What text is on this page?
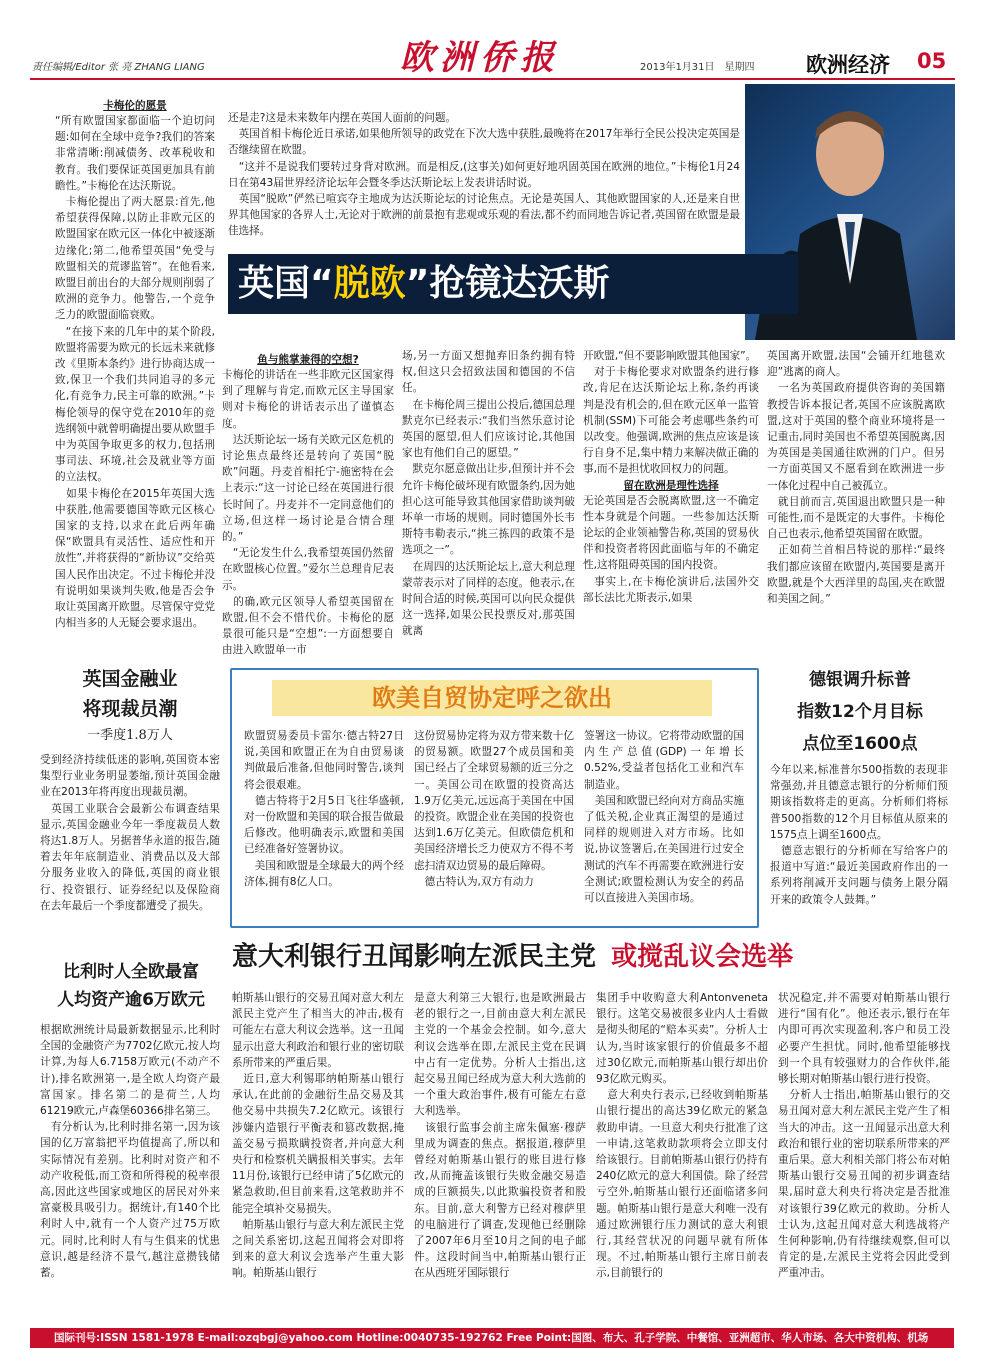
责任编辑/Editor 张 亮 ZHANG LIANG	欧洲侨报	2013年1月31日　星期四 欧洲经济 05

卡梅伦的愿景

“所有欧盟国家都面临一个迫切问题:如何在全球中竞争?我们的答案非常清晰:削减债务、改革税收和教育。我们要保证英国更加具有前瞻性。”卡梅伦在达沃斯说。
　卡梅伦提出了两大愿景:首先,他希望获得保障,以防止非欧元区的欧盟国家在欧元区一体化中被逐渐边缘化;第二,他希望英国“免受与欧盟相关的荒谬监管”。在他看来,欧盟目前出台的大部分规则削弱了欧洲的竞争力。他警告,一个竞争乏力的欧盟面临衰败。
　“在接下来的几年中的某个阶段,欧盟将需要为欧元的长远未来就修改《里斯本条约》进行协商达成一致,保卫一个我们共同追寻的多元化,有竞争力,民主可靠的欧洲。”卡梅伦领导的保守党在2010年的竞选纲领中就曾明确提出要从欧盟手中为英国争取更多的权力,包括刑事司法、环境,社会及就业等方面的立法权。
　如果卡梅伦在2015年英国大选中获胜,他需要德国等欧元区核心国家的支持,以求在此后两年确保“欧盟具有灵活性、适应性和开放性”,并将获得的“新协议”交给英国人民作出决定。不过卡梅伦并没有说明如果谈判失败,他是否会争取让英国离开欧盟。尽管保守党党内相当多的人无疑会要求退出。

还是走?这是未来数年内摆在英国人面前的问题。
　英国首相卡梅伦近日承诺,如果他所领导的政党在下次大选中获胜,最晚将在2017年举行全民公投决定英国是否继续留在欧盟。
　“这并不是说我们要转过身背对欧洲。而是相反,(这事关)如何更好地巩固英国在欧洲的地位。”卡梅伦1月24日在第43届世界经济论坛年会暨冬季达沃斯论坛上发表讲话时说。
　英国“脱欧”俨然已喧宾夺主地成为达沃斯论坛的讨论焦点。无论是英国人、其他欧盟国家的人,还是来自世界其他国家的各界人士,无论对于欧洲的前景抱有悲观或乐观的看法,都不约而同地告诉记者,英国留在欧盟是最佳选择。
英国“脱欧”抢镜达沃斯

鱼与熊掌兼得的空想?

卡梅伦的讲话在一些非欧元区国家得到了理解与肯定,而欧元区主导国家则对卡梅伦的讲话表示出了谨慎态度。
　达沃斯论坛一场有关欧元区危机的讨论焦点最终还是转向了英国“脱欧”问题。丹麦首相托宁-施密特在会上表示:“这一讨论已经在英国进行很长时间了。丹麦并不一定同意他们的立场,但这样一场讨论是合情合理的。”
　“无论发生什么,我希望英国仍然留在欧盟核心位置。”爱尔兰总理肯尼表示。
　的确,欧元区领导人希望英国留在欧盟,但不会不惜代价。卡梅伦的愿景很可能只是“空想”:一方面想要自由进入欧盟单一市

场,另一方面又想抛弃旧条约拥有特权,但这只会招致法国和德国的不信任。
　在卡梅伦周三提出公投后,德国总理默克尔已经表示:“我们当然乐意讨论英国的愿望,但人们应该讨论,其他国家也有他们自己的愿望。”
　默克尔愿意做出让步,但预计并不会允许卡梅伦破坏现有欧盟条约,因为她担心这可能导致其他国家借助谈判破坏单一市场的规则。同时德国外长韦斯特韦勒表示,“挑三拣四的政策不是选项之一”。
　在周四的达沃斯论坛上,意大利总理蒙蒂表示对了同样的态度。他表示,在时间合适的时候,英国可以向民众提供这一选择,如果公民投票反对,那英国就离

开欧盟,“但不要影响欧盟其他国家”。
　对于卡梅伦要求对欧盟条约进行修改,肯尼在达沃斯论坛上称,条约再谈判是没有机会的,但在欧元区单一监管机制(SSM)下可能会考虑哪些条约可以改变。他强调,欧洲的焦点应该是该行自身不足,集中精力来解决做正确的事,而不是担忧收回权力的问题。

留在欧洲是理性选择

无论英国是否会脱离欧盟,这一不确定性本身就是个问题。一些参加达沃斯论坛的企业领袖警告称,英国的贸易伙伴和投资者将因此面临与年的不确定性,这将阻碍英国的国内投资。
　事实上,在卡梅伦演讲后,法国外交部长法比尤斯表示,如果

英国离开欧盟,法国“会铺开红地毯欢迎”逃离的商人。
　一名为英国政府提供咨询的美国籍教授告诉本报记者,英国不应该脱离欧盟,这对于英国的整个商业环境将是一记重击,同时美国也不希望英国脱离,因为英国是美国通往欧洲的门户。但另一方面英国又不愿看到在欧洲进一步一体化过程中自己被孤立。
　就目前而言,英国退出欧盟只是一种可能性,而不是既定的大事件。卡梅伦自己也表示,他希望英国留在欧盟。
　正如荷兰首相吕特说的那样:“最终我们都应该留在欧盟内,英国要是离开欧盟,就是个大西洋里的岛国,夹在欧盟和美国之间。”
英国金融业
将现裁员潮
一季度1.8万人
受到经济持续低迷的影响,英国资本密集型行业业务明显萎缩,预计英国金融业在2013年将再度出现裁员潮。
　英国工业联合会最新公布调查结果显示,英国金融业今年一季度裁员人数将达1.8万人。另据普华永道的报告,随着去年年底制造业、消费品以及大部分服务业收入的降低,英国的商业银行、投资银行、证券经纪以及保险商在去年最后一个季度都遭受了损失。
比利时人全欧最富
人均资产逾6万欧元
根据欧洲统计局最新数据显示,比利时全国的金融资产为7702亿欧元,按人均计算,为每人6.7158万欧元(不动产不计),排名欧洲第一,是全欧人均资产最富国家。排名第二的是荷兰,人均61219欧元,卢森堡60366排名第三。
　有分析认为,比利时排名第一,因为该国的亿万富翁把平均值提高了,所以和实际情况有差别。比利时对资产和不动产收税低,而工资和所得税的税率很高,因此这些国家或地区的居民对外来富豪极具吸引力。据统计,有140个比利时人中,就有一个人资产过75万欧元。同时,比利时人有与生俱来的忧患意识,越是经济不景气,越注意攒钱储蓄。
欧美自贸协定呼之欲出
欧盟贸易委员卡雷尔·德古特27日说,美国和欧盟正在为自由贸易谈判做最后准备,但他同时警告,谈判将会很艰难。
　德古特将于2月5日飞往华盛顿,对一份欧盟和美国的联合报告做最后修改。他明确表示,欧盟和美国已经准备好签署协议。
　美国和欧盟是全球最大的两个经济体,拥有8亿人口。
这份贸易协定将为双方带来数十亿的贸易额。欧盟27个成员国和美国已经占了全球贸易额的近三分之一。美国公司在欧盟的投资高达1.9万亿美元,远远高于美国在中国的投资。欧盟企业在美国的投资也达到1.6万亿美元。但欧债危机和美国经济增长乏力使双方不得不考虑扫清双边贸易的最后障碍。
　德古特认为,双方有动力
签署这一协议。它将带动欧盟的国内生产总值(GDP)一年增长0.52%,受益者包括化工业和汽车制造业。
　美国和欧盟已经向对方商品实施了低关税,企业真正渴望的是通过同样的规则进入对方市场。比如说,协议签署后,在美国进行过安全测试的汽车不再需要在欧洲进行安全测试;欧盟检测认为安全的药品可以直接进入美国市场。
德银调升标普
指数12个月目标
点位至1600点
今年以来,标准普尔500指数的表现非常强劲,并且德意志银行的分析师们预期该指数将走的更高。分析师们将标普500指数的12个月目标值从原来的1575点上调至1600点。
　德意志银行的分析师在写给客户的报道中写道:“最近美国政府作出的一系列将削减开支问题与债务上限分隔开来的政策令人鼓舞。”
意大利银行丑闻影响左派民主党 或搅乱议会选举
帕斯基山银行的交易丑闻对意大利左派民主党产生了相当大的冲击,极有可能左右意大利议会选举。这一丑闻显示出意大利政治和银行业的密切联系所带来的严重后果。
　近日,意大利锡耶纳帕斯基山银行承认,在此前的金融衍生品交易及其他交易中共损失7.2亿欧元。该银行涉嫌内造银行平衡表和篡改数据,掩盖交易亏损欺瞒投资者,并向意大利央行和检察机关瞒报相关事实。去年11月份,该银行已经申请了5亿欧元的紧急救助,但目前来看,这笔救助并不能完全填补交易损失。
　帕斯基山银行与意大利左派民主党之间关系密切,这起丑闻将会对即将到来的意大利议会选举产生重大影响。帕斯基山银行
是意大利第三大银行,也是欧洲最古老的银行之一,目前由意大利左派民主党的一个基金会控制。如今,意大利议会选举在即,左派民主党在民调中占有一定优势。分析人士指出,这起交易丑闻已经成为意大利大选前的一个重大政治事件,极有可能左右意大利选举。
　该银行监事会前主席朱佩塞·穆萨里成为调查的焦点。据报道,穆萨里曾经对帕斯基山银行的账目进行修改,从而掩盖该银行失败金融交易造成的巨额损失,以此欺骗投资者和股东。目前,意大利警方已经对穆萨里的电脑进行了调查,发现他已经删除了2007年6月至10月之间的电子邮件。这段时间当中,帕斯基山银行正在从西班牙国际银行
集团手中收购意大利Antonveneta银行。这笔交易被很多业内人士看做是彻头彻尾的“赔本买卖”。分析人士认为,当时该家银行的价值最多不超过30亿欧元,而帕斯基山银行却出价93亿欧元购买。
　意大利央行表示,已经收到帕斯基山银行提出的高达39亿欧元的紧急救助申请。一旦意大利央行批准了这一申请,这笔救助款项将会立即支付给该银行。目前帕斯基山银行仍持有240亿欧元的意大利国债。除了经营亏空外,帕斯基山银行还面临诸多问题。帕斯基山银行是意大利唯一没有通过欧洲银行压力测试的意大利银行,其经营状况的问题早就有所体现。不过,帕斯基山银行主席日前表示,目前银行的
状况稳定,并不需要对帕斯基山银行进行“国有化”。他还表示,银行在年内即可再次实现盈利,客户和员工没必要产生担忧。同时,他希望能够找到一个具有较强财力的合作伙伴,能够长期对帕斯基山银行进行投资。
　分析人士指出,帕斯基山银行的交易丑闻对意大利左派民主党产生了相当大的冲击。这一丑闻显示出意大利政治和银行业的密切联系所带来的严重后果。意大利相关部门将公布对帕斯基山银行交易丑闻的初步调查结果,届时意大利央行将决定是否批准对该银行39亿欧元的救助。分析人士认为,这起丑闻对意大利选战将产生何种影响,仍有待继续观察,但可以肯定的是,左派民主党将会因此受到严重冲击。
国际刊号:ISSN 1581-1978 E-mail:ozqbgj@yahoo.com Hotline:0040735-192762 Free Point:国图、布大、孔子学院、中餐馆、亚洲超市、华人市场、各大中资机构、机场
